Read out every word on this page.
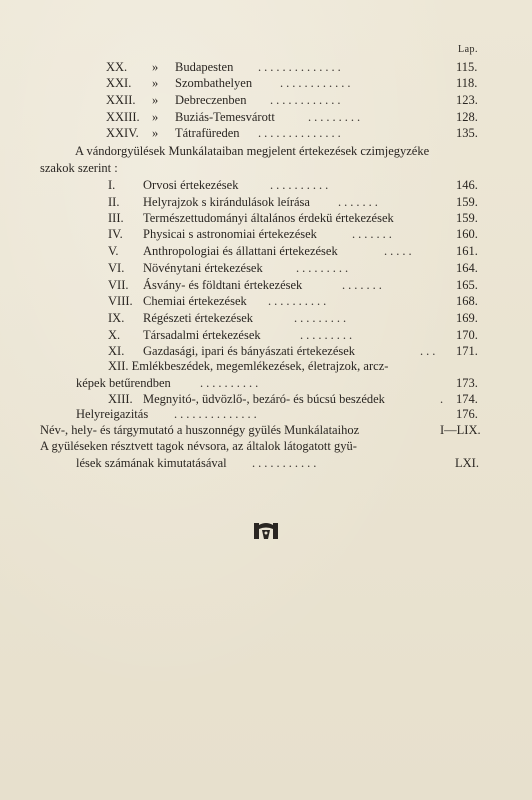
Lap.
XX. » Budapesten ..............	115.
XXI. » Szombathelyen ............	118.
XXII. » Debreczenben ............	123.
XXIII. » Buziás-Temesvárott	.........	128.
XXIV. » Tátrafüreden ..............	135.
A vándorgyülések Munkálataiban megjelent értekezések czimjegyzéke
szakok szerint :
I. Orvosi értekezések	..........	146.
II. Helyrajzok s kirándulások leírása .......	159.
III. Természettudományi általános érdekü értekezések	159.
IV. Physicai s astronomiai értekezések	.......	160.
V. Anthropologiai és állattani értekezések	.....	161.
VI. Növénytani értekezések	.........	164.
VII. Ásvány- és földtani értekezések	.......	165.
VIII. Chemiai értekezések ..........	168.
IX. Régészeti értekezések	.........	169.
X. Társadalmi értekezések	.........	170.
XI. Gazdasági, ipari és bányászati értekezések	... 171.
XII. Emlékbeszédek, megemlékezések, életrajzok, arcz-
képek betűrendben ..........	173.
XIII. Megnyitó-, üdvözlő-, bezáró- és búcsú beszédek	. 174.
Helyreigazitás ..............	176.
Név-, hely- és tárgymutató a huszonnégy gyülés Munkálataihoz	I—LIX.
A gyüléseken résztvett tagok névsora, az általok látogatott gyü-
lések számának kimutatásával ...........	LXI.
